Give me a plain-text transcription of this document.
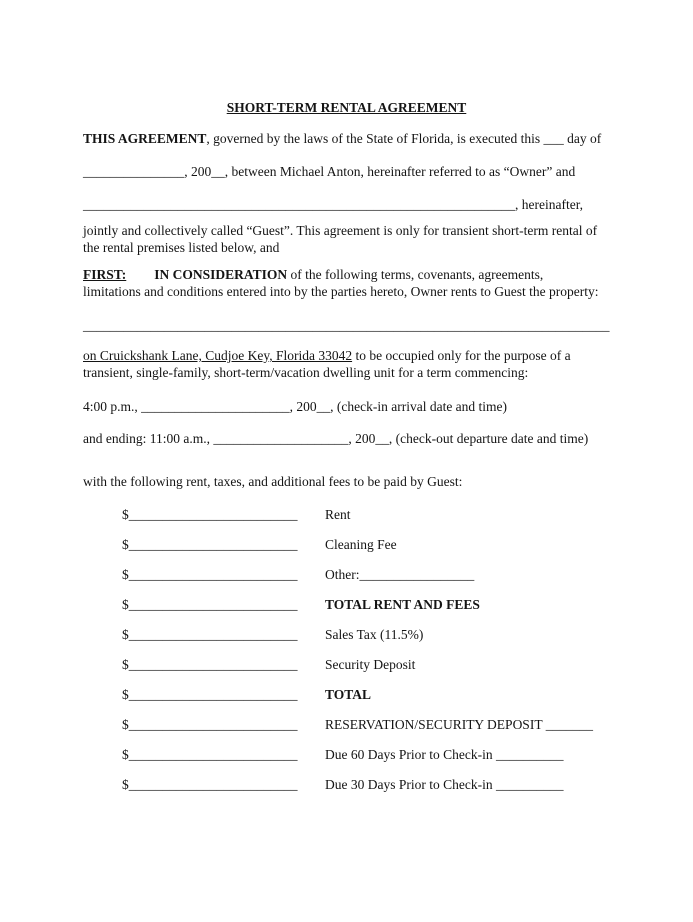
SHORT-TERM RENTAL AGREEMENT
THIS AGREEMENT, governed by the laws of the State of Florida, is executed this ___ day of
_______________, 200__, between Michael Anton, hereinafter referred to as “Owner” and
________________________________________________________________, hereinafter,
jointly and collectively called “Guest”. This agreement is only for transient short-term rental of
the rental premises listed below, and
FIRST: IN CONSIDERATION of the following terms, covenants, agreements,
limitations and conditions entered into by the parties hereto, Owner rents to Guest the property:
______________________________________________________________________________
on Cruickshank Lane, Cudjoe Key, Florida 33042 to be occupied only for the purpose of a
transient, single-family, short-term/vacation dwelling unit for a term commencing:
4:00 p.m., ______________________, 200__, (check-in arrival date and time)
and ending: 11:00 a.m., ____________________, 200__, (check-out departure date and time)
with the following rent, taxes, and additional fees to be paid by Guest:
$_________________________ Rent
$_________________________ Cleaning Fee
$_________________________ Other:_________________
$_________________________ TOTAL RENT AND FEES
$_________________________ Sales Tax (11.5%)
$_________________________ Security Deposit
$_________________________ TOTAL
$_________________________ RESERVATION/SECURITY DEPOSIT _______
$_________________________ Due 60 Days Prior to Check-in __________
$_________________________ Due 30 Days Prior to Check-in __________
